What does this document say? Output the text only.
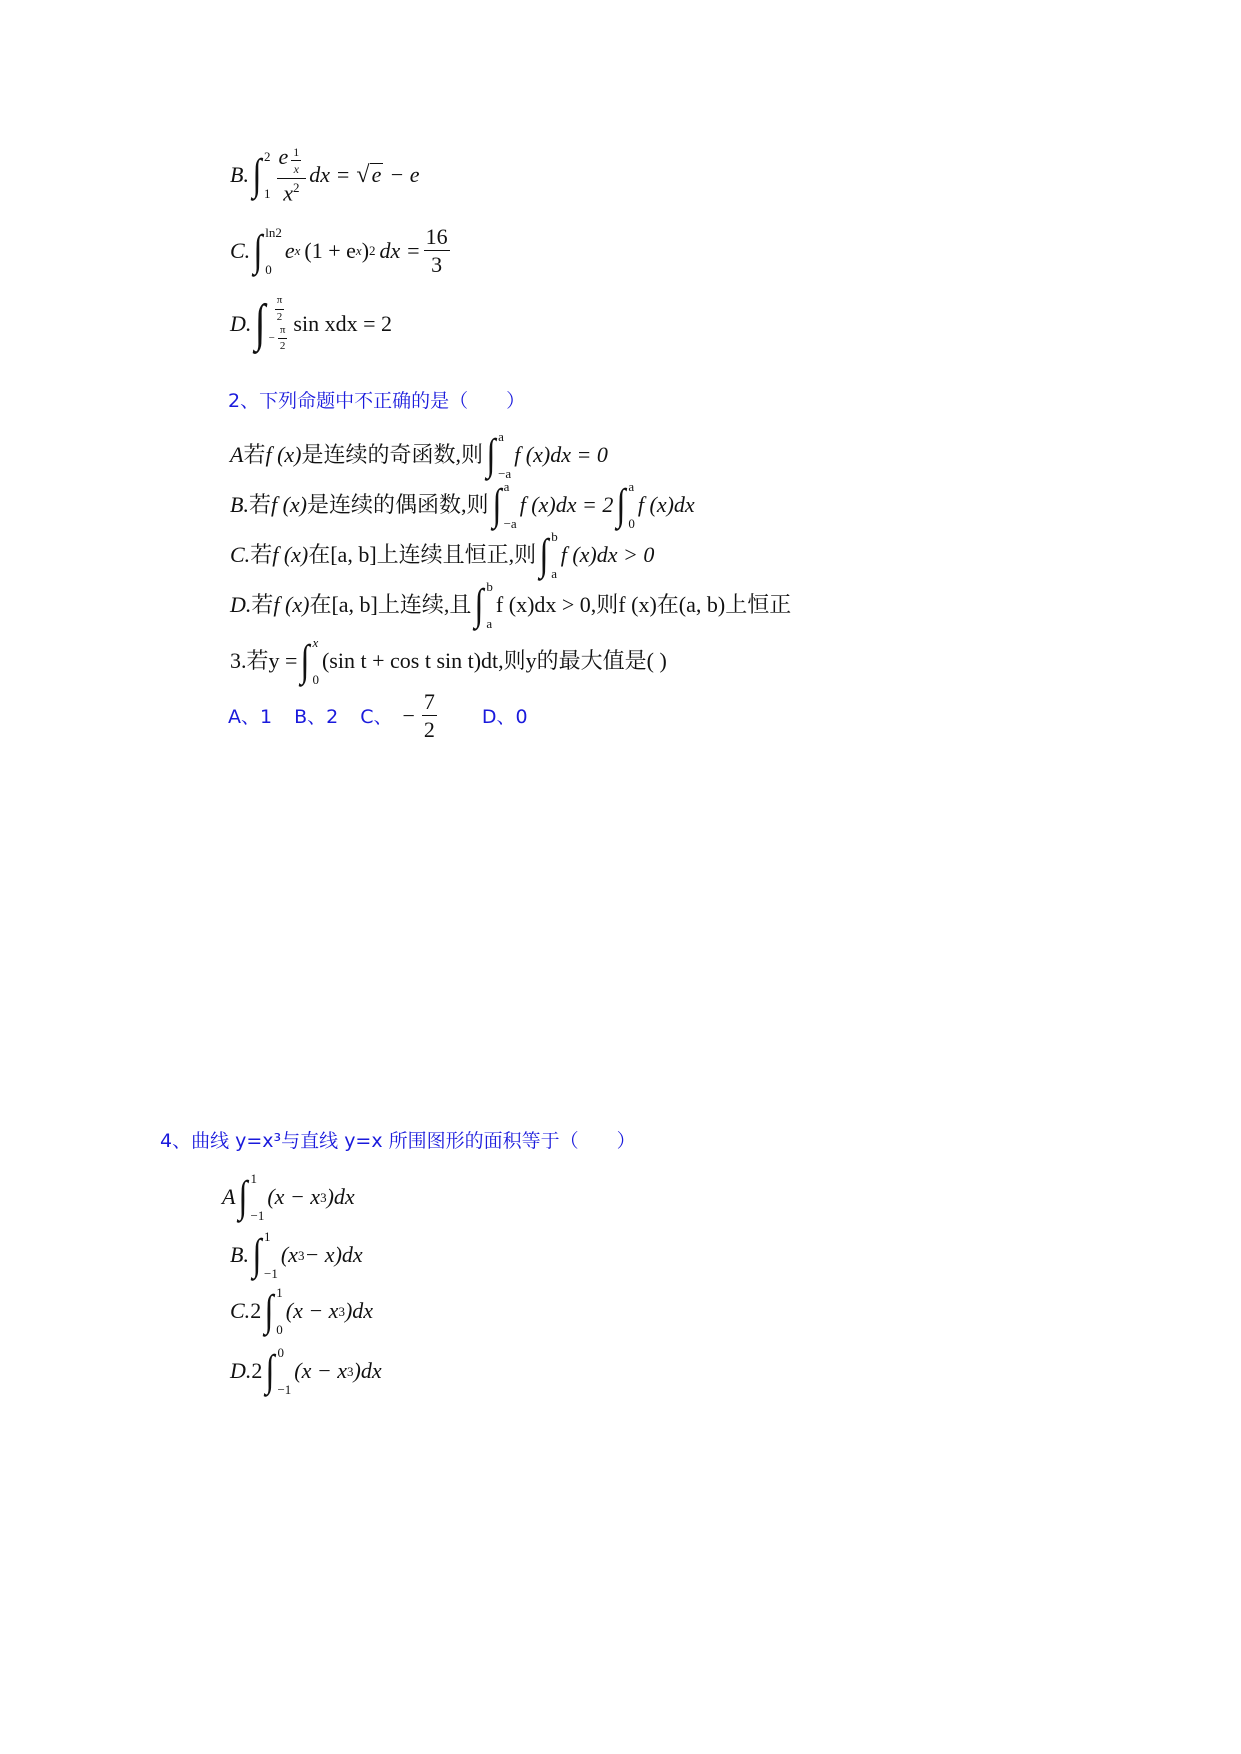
B. ∫ 2
$1 \frac{e \frac{1}{x}}{x^2}$ dx = √ e − e
C. ∫ ln2
0
e x (1 + e x ) 2 dx = $\frac{16}{3}$
D. ∫ $\frac{\pi}{2}$
− $\frac{\pi}{2}$
sin xdx = 2
2、下列命题中不正确的是（　　）
A 若 f (x) 是连续的奇函数,则 ∫ a
−a
f (x)dx = 0
B. 若 f (x) 是连续的偶函数,则 ∫ a
−a
f (x)dx = 2 ∫ a
0
f (x)dx
C. 若 f (x) 在[a, b]上连续且恒正,则 ∫ b
a
f (x)dx > 0
D. 若 f (x) 在[a, b]上连续,且 ∫ b
a
f (x)dx > 0,则f (x)在(a, b)上恒正
3.若y = ∫ x
0
(sin t + cos t sin t)dt,则y的最大值是( )
A、1 B、2 C、 − $\frac{7}{2}$ D、0
4、曲线 y=x³与直线 y=x 所围图形的面积等于（　　）
A ∫ 1
−1
(x − x 3 )dx
B. ∫ 1
−1
(x 3 − x)dx
C. 2 ∫ 1
0
(x − x 3 )dx
D. 2 ∫ 0
−1
(x − x 3 )dx
